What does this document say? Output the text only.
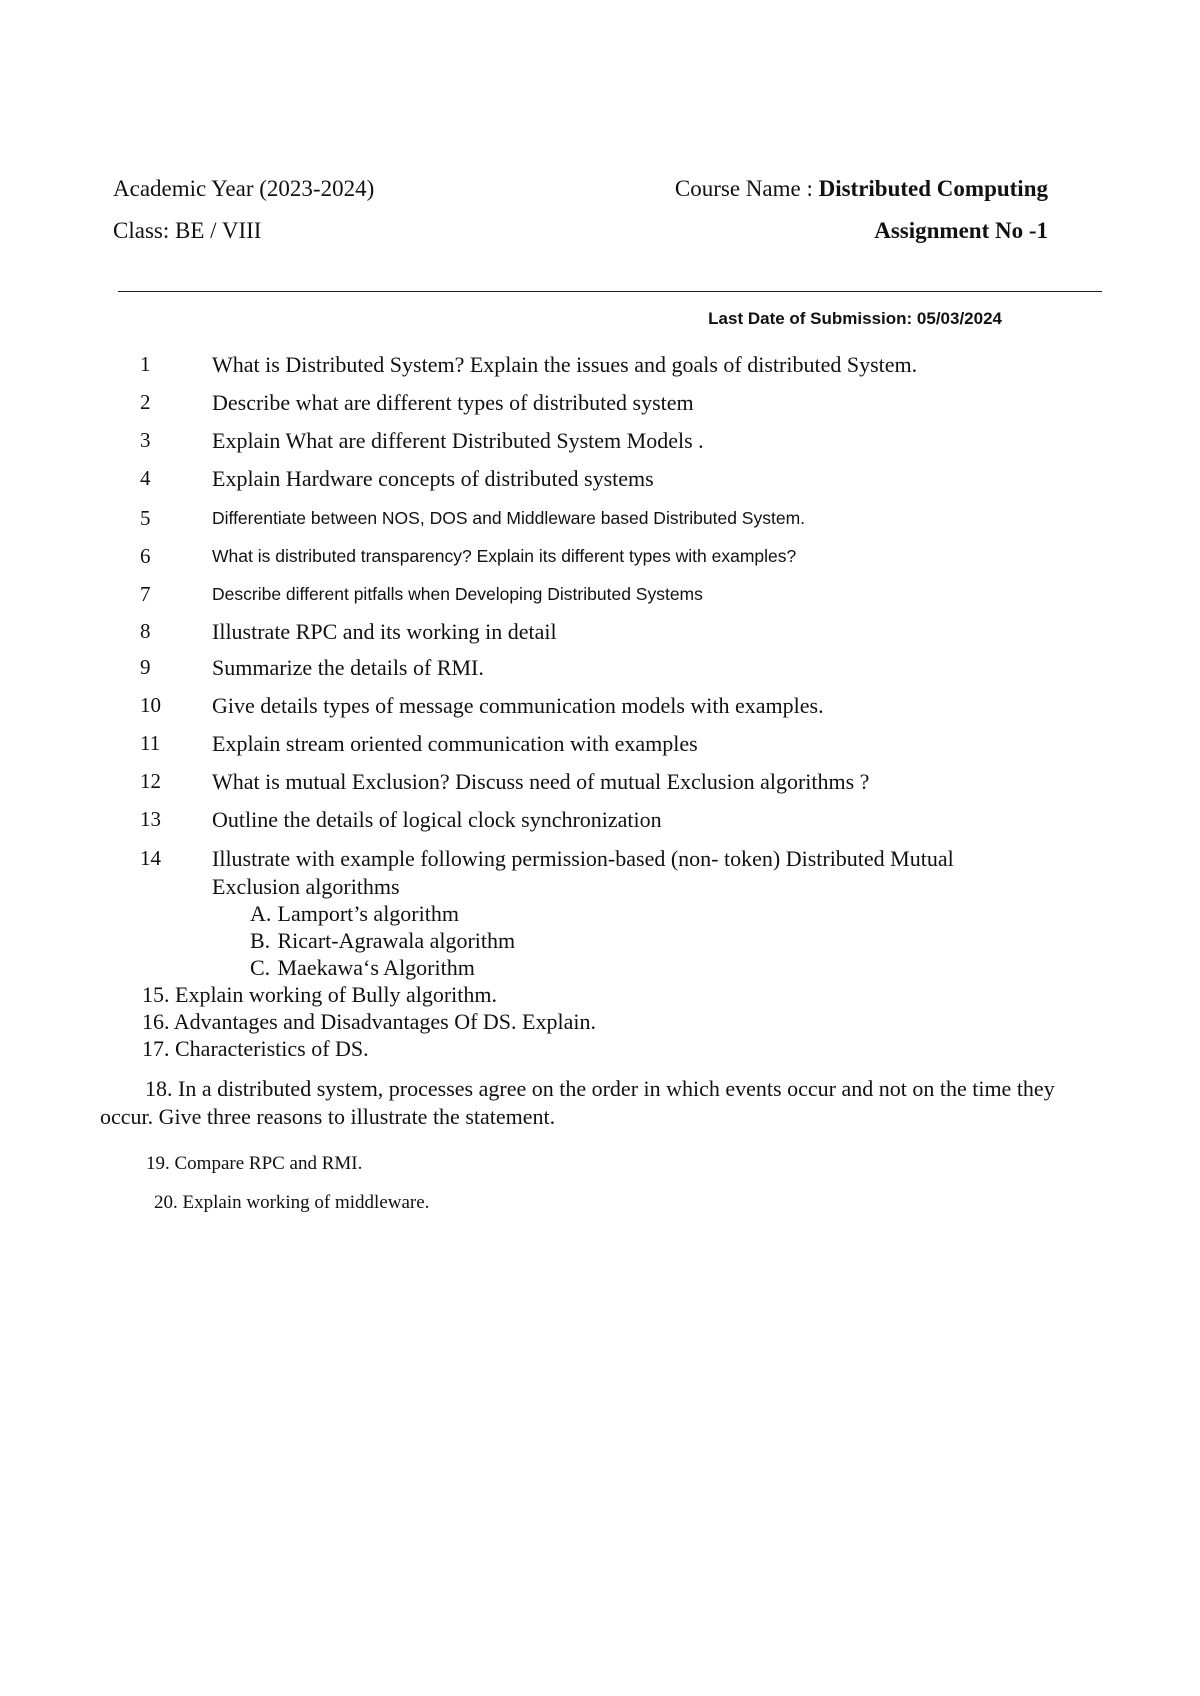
Academic Year (2023-2024)
Class: BE / VIII
Course Name : Distributed Computing
Assignment No -1
Last Date of Submission: 05/03/2024
1	What is Distributed System? Explain the issues and goals of distributed System.
2	Describe what are different types of distributed system
3	Explain What are different Distributed System Models .
4	Explain Hardware concepts of distributed systems
5	Differentiate between NOS, DOS and Middleware based Distributed System.
6	What is distributed transparency? Explain its different types with examples?
7	Describe different pitfalls when Developing Distributed Systems
8	Illustrate RPC and its working in detail
9	Summarize the details of RMI.
10	Give details types of message communication models with examples.
11	Explain stream oriented communication with examples
12	What is mutual Exclusion? Discuss need of mutual Exclusion algorithms ?
13	Outline the details of logical clock synchronization
14	Illustrate with example following permission-based (non- token) Distributed Mutual
Exclusion algorithms
A. Lamport’s algorithm
B. Ricart-Agrawala algorithm
C. Maekawa‘s Algorithm
15. Explain working of Bully algorithm.
16. Advantages and Disadvantages Of DS. Explain.
17. Characteristics of DS.
18. In a distributed system, processes agree on the order in which events occur and not on the time they occur. Give three reasons to illustrate the statement.
19. Compare RPC and RMI.
20. Explain working of middleware.
